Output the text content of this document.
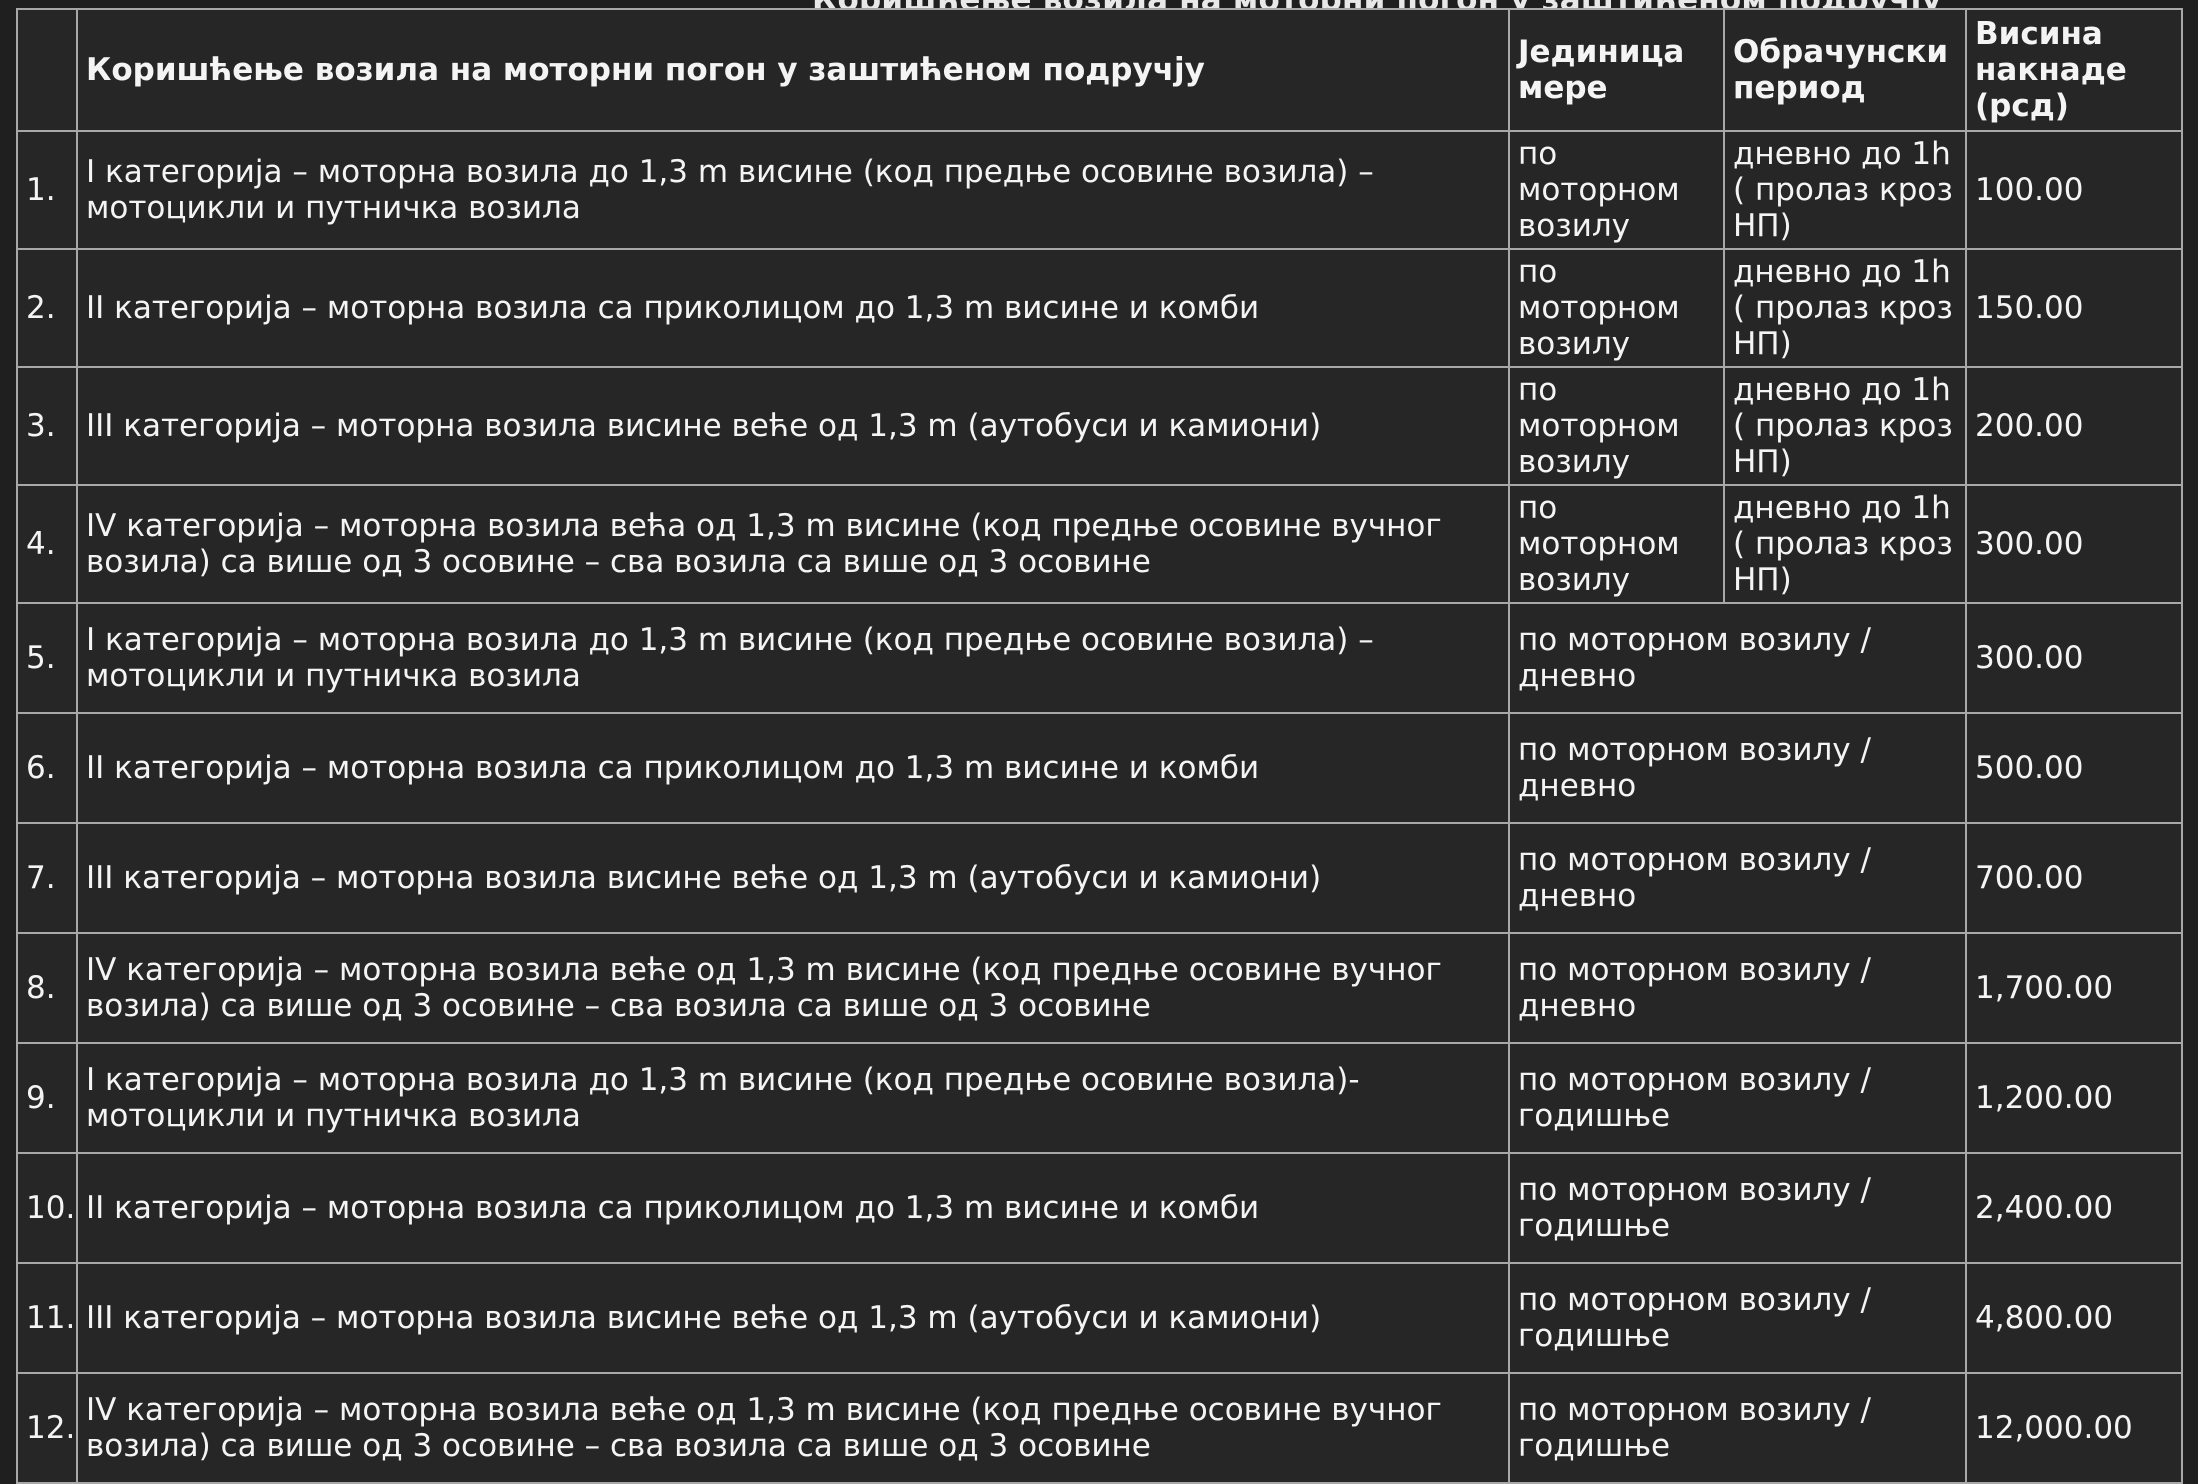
	Коришћење возила на моторни погон у заштићеном подручју	Јединица мере	Обрачунски период	Висина накнаде (рсд)
1.	I категорија – моторна возила до 1,3 m висине (код предње осовине возила) – мотоцикли и путничка возила	по моторном возилу	дневно до 1h ( пролаз кроз НП)	100.00
2.	II категорија – моторна возила са приколицом до 1,3 m висине и комби	по моторном возилу	дневно до 1h ( пролаз кроз НП)	150.00
3.	III категорија – моторна возила висине веће од 1,3 m (аутобуси и камиони)	по моторном возилу	дневно до 1h ( пролаз кроз НП)	200.00
4.	IV категорија – моторна возила већа од 1,3 m висине (код предње осовине вучног возила) са више од 3 осовине – сва возила са више од 3 осовине	по моторном возилу	дневно до 1h ( пролаз кроз НП)	300.00
5.	I категорија – моторна возила до 1,3 m висине (код предње осовине возила) – мотоцикли и путничка возила	по моторном возилу /дневно		300.00
6.	II категорија – моторна возила са приколицом до 1,3 m висине и комби	по моторном возилу /дневно		500.00
7.	III категорија – моторна возила висине веће од 1,3 m (аутобуси и камиони)	по моторном возилу /дневно		700.00
8.	IV категорија – моторна возила веће од 1,3 m висине (код предње осовине вучног возила) са више од 3 осовине – сва возила са више од 3 осовине	по моторном возилу /дневно		1,700.00
9.	I категорија – моторна возила до 1,3 m висине (код предње осовине возила)- мотоцикли и путничка возила	по моторном возилу /годишње		1,200.00
10.	II категорија – моторна возила са приколицом до 1,3 m висине и комби	по моторном возилу /годишње		2,400.00
11.	III категорија – моторна возила висине веће од 1,3 m (аутобуси и камиони)	по моторном возилу /годишње		4,800.00
12.	IV категорија – моторна возила веће од 1,3 m висине (код предње осовине вучног возила) са више од 3 осовине – сва возила са више од 3 осовине	по моторном возилу /годишње		12,000.00
